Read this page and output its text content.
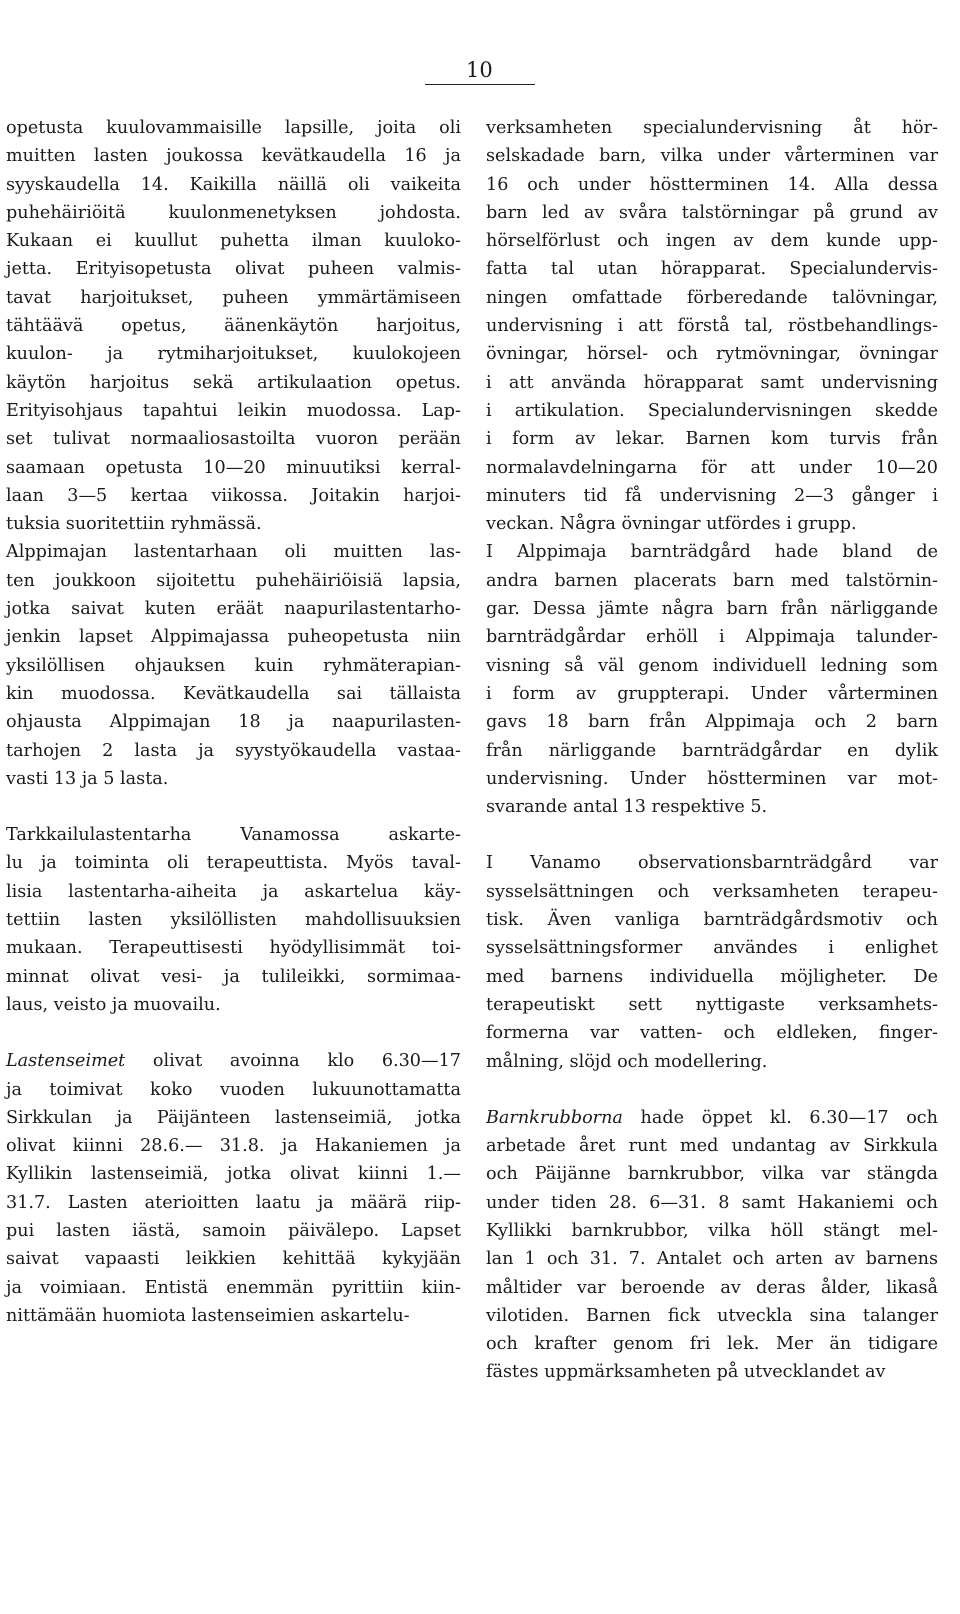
10
opetusta kuulovammaisille lapsille, joita oli
muitten lasten joukossa kevätkaudella 16 ja
syyskaudella 14. Kaikilla näillä oli vaikeita
puhehäiriöitä kuulonmenetyksen johdosta.
Kukaan ei kuullut puhetta ilman kuuloko-
jetta. Erityisopetusta olivat puheen valmis-
tavat harjoitukset, puheen ymmärtämiseen
tähtäävä opetus, äänenkäytön harjoitus,
kuulon- ja rytmiharjoitukset, kuulokojeen
käytön harjoitus sekä artikulaation opetus.
Erityisohjaus tapahtui leikin muodossa. Lap-
set tulivat normaaliosastoilta vuoron perään
saamaan opetusta 10—20 minuutiksi kerral-
laan 3—5 kertaa viikossa. Joitakin harjoi-
tuksia suoritettiin ryhmässä.
Alppimajan lastentarhaan oli muitten las-
ten joukkoon sijoitettu puhehäiriöisiä lapsia,
jotka saivat kuten eräät naapurilastentarho-
jenkin lapset Alppimajassa puheopetusta niin
yksilöllisen ohjauksen kuin ryhmäterapian-
kin muodossa. Kevätkaudella sai tällaista
ohjausta Alppimajan 18 ja naapurilasten-
tarhojen 2 lasta ja syystyökaudella vastaa-
vasti 13 ja 5 lasta.
Tarkkailulastentarha Vanamossa askarte-
lu ja toiminta oli terapeuttista. Myös taval-
lisia lastentarha-aiheita ja askartelua käy-
tettiin lasten yksilöllisten mahdollisuuksien
mukaan. Terapeuttisesti hyödyllisimmät toi-
minnat olivat vesi- ja tulileikki, sormimaa-
laus, veisto ja muovailu.
Lastenseimet olivat avoinna klo 6.30—17
ja toimivat koko vuoden lukuunottamatta
Sirkkulan ja Päijänteen lastenseimiä, jotka
olivat kiinni 28.6.— 31.8. ja Hakaniemen ja
Kyllikin lastenseimiä, jotka olivat kiinni 1.—
31.7. Lasten aterioitten laatu ja määrä riip-
pui lasten iästä, samoin päivälepo. Lapset
saivat vapaasti leikkien kehittää kykyjään
ja voimiaan. Entistä enemmän pyrittiin kiin-
nittämään huomiota lastenseimien askartelu-
verksamheten specialundervisning åt hör-
selskadade barn, vilka under vårterminen var
16 och under höstterminen 14. Alla dessa
barn led av svåra talstörningar på grund av
hörselförlust och ingen av dem kunde upp-
fatta tal utan hörapparat. Specialundervis-
ningen omfattade förberedande talövningar,
undervisning i att förstå tal, röstbehandlings-
övningar, hörsel- och rytmövningar, övningar
i att använda hörapparat samt undervisning
i artikulation. Specialundervisningen skedde
i form av lekar. Barnen kom turvis från
normalavdelningarna för att under 10—20
minuters tid få undervisning 2—3 gånger i
veckan. Några övningar utfördes i grupp.
I Alppimaja barnträdgård hade bland de
andra barnen placerats barn med talstörnin-
gar. Dessa jämte några barn från närliggande
barnträdgårdar erhöll i Alppimaja talunder-
visning så väl genom individuell ledning som
i form av gruppterapi. Under vårterminen
gavs 18 barn från Alppimaja och 2 barn
från närliggande barnträdgårdar en dylik
undervisning. Under höstterminen var mot-
svarande antal 13 respektive 5.
I Vanamo observationsbarnträdgård var
sysselsättningen och verksamheten terapeu-
tisk. Även vanliga barnträdgårdsmotiv och
sysselsättningsformer användes i enlighet
med barnens individuella möjligheter. De
terapeutiskt sett nyttigaste verksamhets-
formerna var vatten- och eldleken, finger-
målning, slöjd och modellering.
Barnkrubborna hade öppet kl. 6.30—17 och
arbetade året runt med undantag av Sirkkula
och Päijänne barnkrubbor, vilka var stängda
under tiden 28. 6—31. 8 samt Hakaniemi och
Kyllikki barnkrubbor, vilka höll stängt mel-
lan 1 och 31. 7. Antalet och arten av barnens
måltider var beroende av deras ålder, likaså
vilotiden. Barnen fick utveckla sina talanger
och krafter genom fri lek. Mer än tidigare
fästes uppmärksamheten på utvecklandet av
